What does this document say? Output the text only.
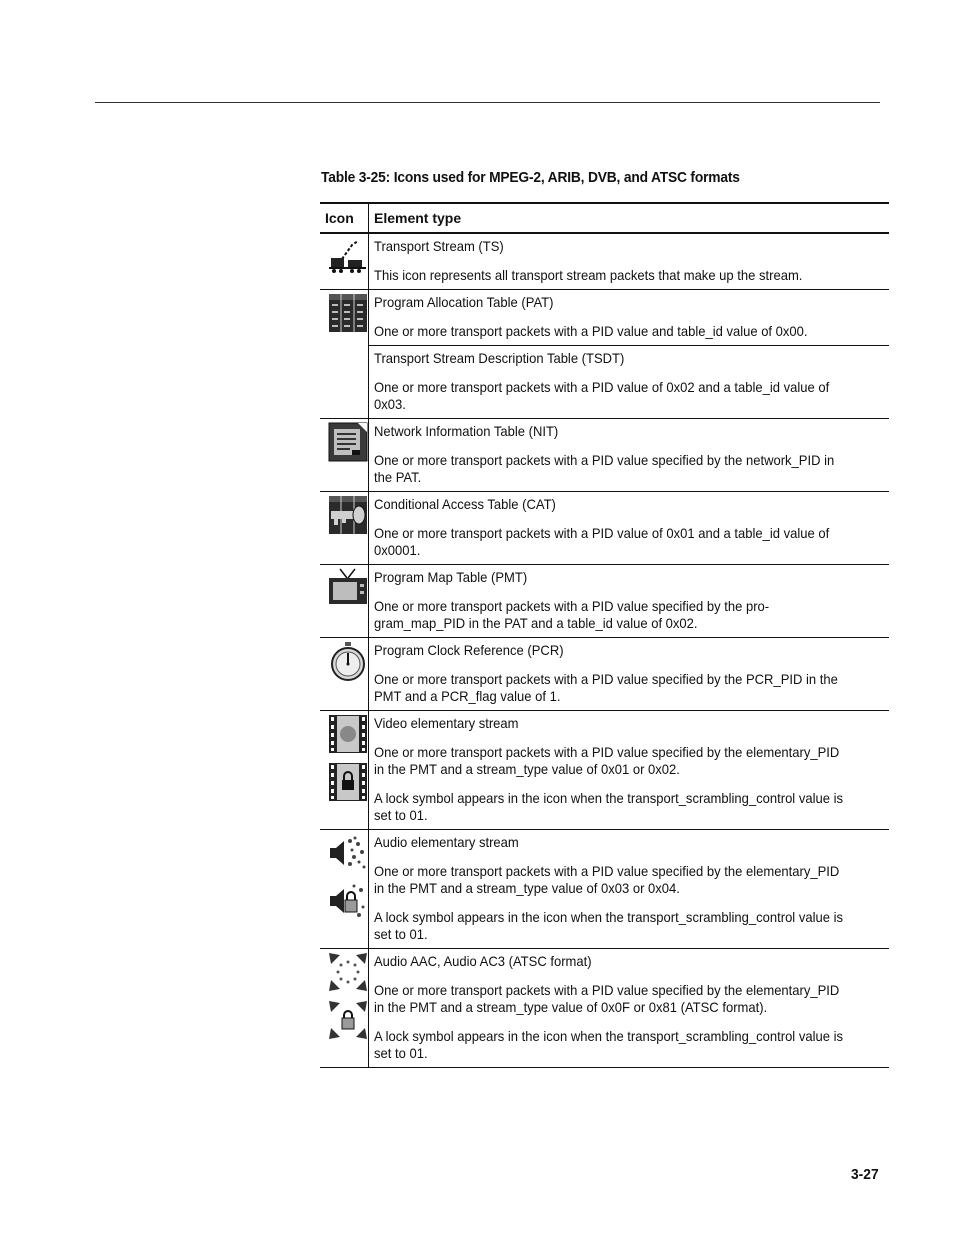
Table 3-25: Icons used for MPEG-2, ARIB, DVB, and ATSC formats
Icon	Element type

Transport Stream (TS)

This icon represents all transport stream packets that make up the stream.

Program Allocation Table (PAT)

One or more transport packets with a PID value and table_id value of 0x00.

	Transport Stream Description Table (TSDT)

One or more transport packets with a PID value of 0x02 and a table_id value of 0x03.

Network Information Table (NIT)

One or more transport packets with a PID value specified by the network_PID in the PAT.

Conditional Access Table (CAT)

One or more transport packets with a PID value of 0x01 and a table_id value of 0x0001.

Program Map Table (PMT)

One or more transport packets with a PID value specified by the pro-gram_map_PID in the PAT and a table_id value of 0x02.

Program Clock Reference (PCR)

One or more transport packets with a PID value specified by the PCR_PID in the PMT and a PCR_flag value of 1.

Video elementary stream

One or more transport packets with a PID value specified by the elementary_PID in the PMT and a stream_type value of 0x01 or 0x02.

A lock symbol appears in the icon when the transport_scrambling_control value is set to 01.

Audio elementary stream

One or more transport packets with a PID value specified by the elementary_PID in the PMT and a stream_type value of 0x03 or 0x04.

A lock symbol appears in the icon when the transport_scrambling_control value is set to 01.

Audio AAC, Audio AC3 (ATSC format)

One or more transport packets with a PID value specified by the elementary_PID in the PMT and a stream_type value of 0x0F or 0x81 (ATSC format).

A lock symbol appears in the icon when the transport_scrambling_control value is set to 01.

3-27
